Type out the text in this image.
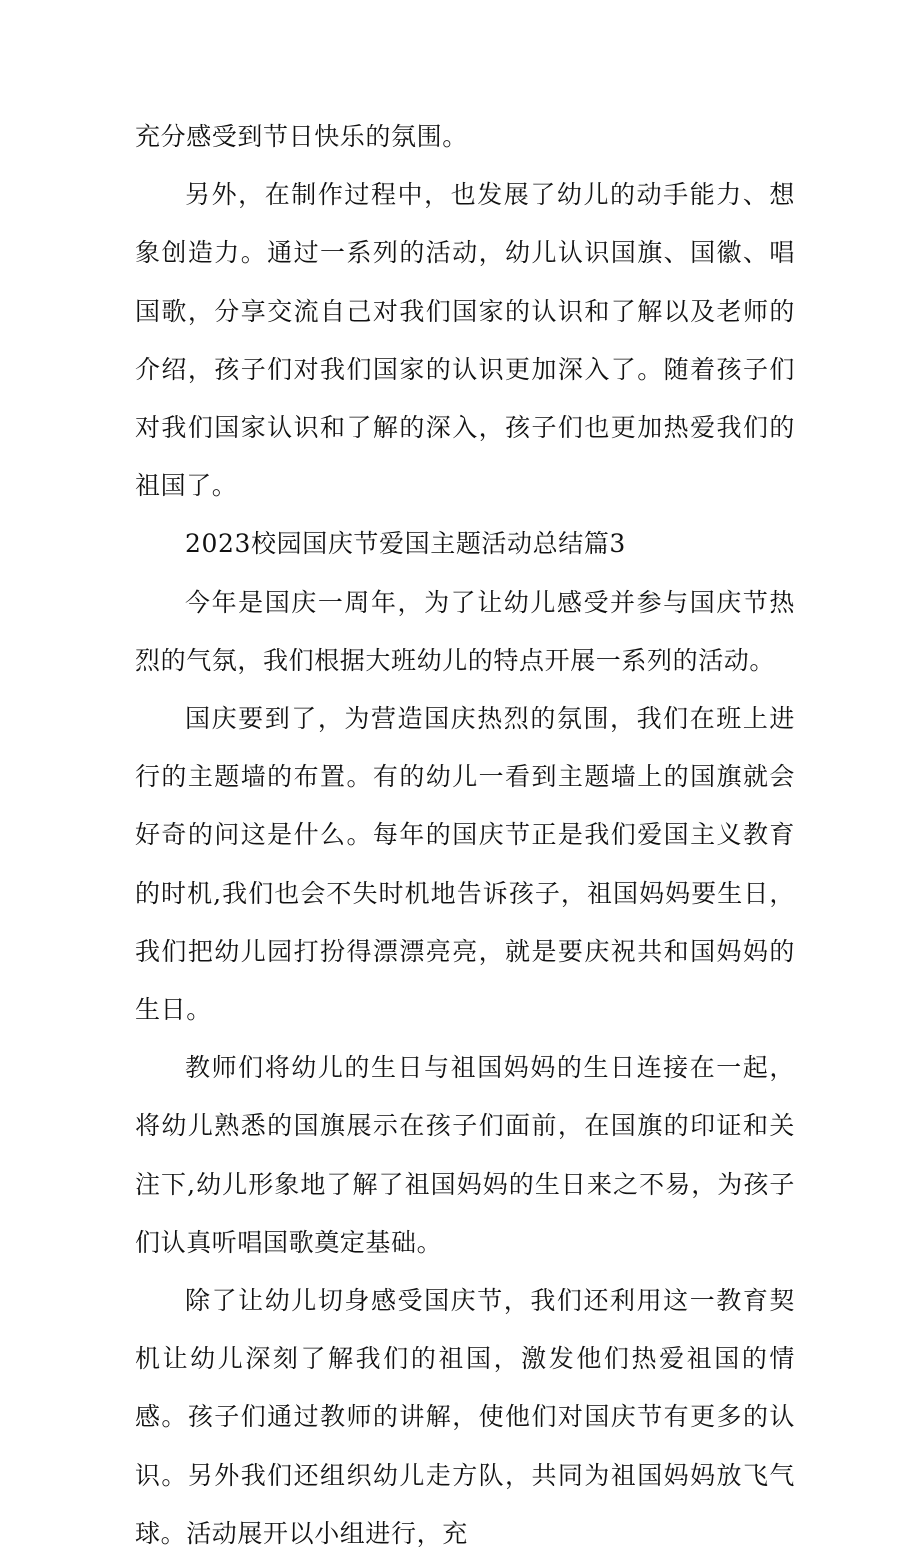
充分感受到节日快乐的氛围。

另外，在制作过程中，也发展了幼儿的动手能力、想象创造力。通过一系列的活动，幼儿认识国旗、国徽、唱国歌，分享交流自己对我们国家的认识和了解以及老师的介绍，孩子们对我们国家的认识更加深入了。随着孩子们对我们国家认识和了解的深入，孩子们也更加热爱我们的祖国了。

2023校园国庆节爱国主题活动总结篇3

今年是国庆一周年，为了让幼儿感受并参与国庆节热烈的气氛，我们根据大班幼儿的特点开展一系列的活动。

国庆要到了，为营造国庆热烈的氛围，我们在班上进行的主题墙的布置。有的幼儿一看到主题墙上的国旗就会好奇的问这是什么。每年的国庆节正是我们爱国主义教育的时机,我们也会不失时机地告诉孩子，祖国妈妈要生日，我们把幼儿园打扮得漂漂亮亮，就是要庆祝共和国妈妈的生日。

教师们将幼儿的生日与祖国妈妈的生日连接在一起，将幼儿熟悉的国旗展示在孩子们面前，在国旗的印证和关注下,幼儿形象地了解了祖国妈妈的生日来之不易，为孩子们认真听唱国歌奠定基础。

除了让幼儿切身感受国庆节，我们还利用这一教育契机让幼儿深刻了解我们的祖国，激发他们热爱祖国的情感。孩子们通过教师的讲解，使他们对国庆节有更多的认识。另外我们还组织幼儿走方队，共同为祖国妈妈放飞气球。活动展开以小组进行，充
